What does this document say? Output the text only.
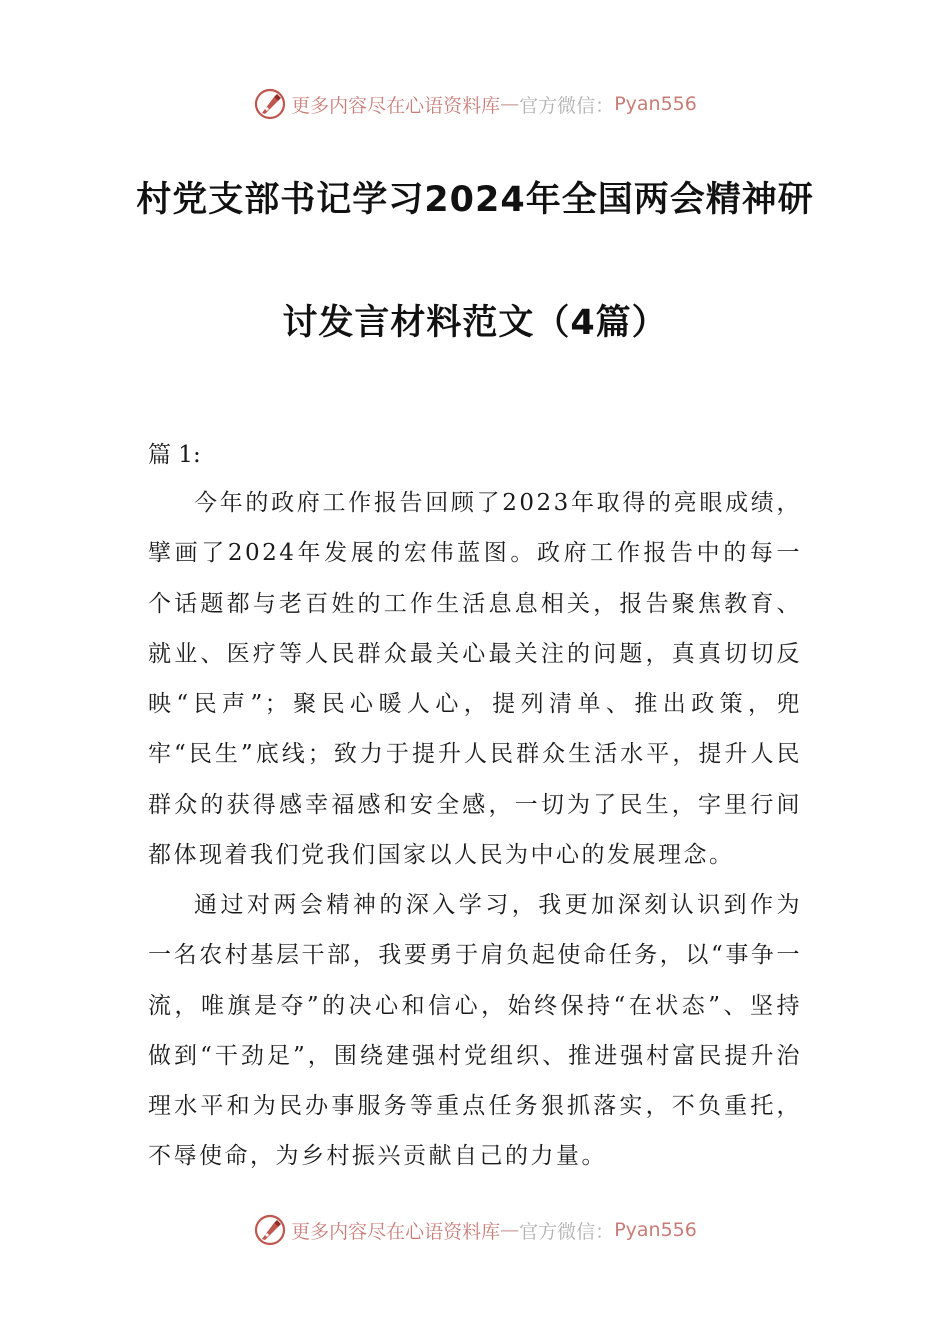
更多内容尽在心语资料库 — 官方微信： Pyan556
村党支部书记学习2024年全国两会精神研
讨发言材料范文（4篇）
篇 1:

今年的政府工作报告回顾了2023年取得的亮眼成绩，擘画了2024年发展的宏伟蓝图。政府工作报告中的每一个话题都与老百姓的工作生活息息相关，报告聚焦教育、就业、医疗等人民群众最关心最关注的问题，真真切切反映“民声”；聚民心暖人心，提列清单、推出政策，兜牢“民生”底线；致力于提升人民群众生活水平，提升人民群众的获得感幸福感和安全感，一切为了民生，字里行间都体现着我们党我们国家以人民为中心的发展理念。

通过对两会精神的深入学习，我更加深刻认识到作为一名农村基层干部，我要勇于肩负起使命任务，以“事争一流，唯旗是夺”的决心和信心，始终保持“在状态”、坚持做到“干劲足”，围绕建强村党组织、推进强村富民提升治理水平和为民办事服务等重点任务狠抓落实，不负重托，不辱使命，为乡村振兴贡献自己的力量。

更多内容尽在心语资料库 — 官方微信： Pyan556
